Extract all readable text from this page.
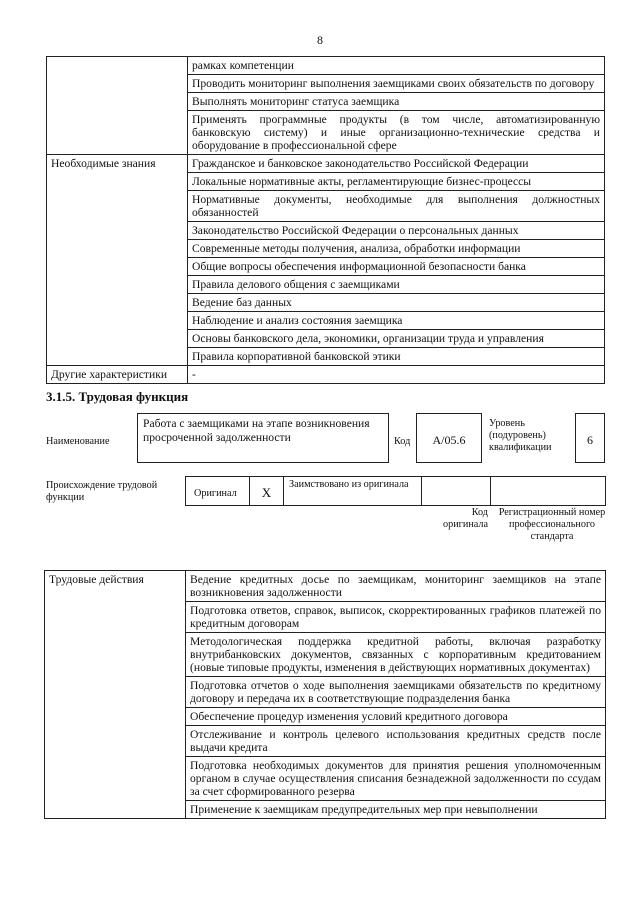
8
	рамках компетенции
	Проводить мониторинг выполнения заемщиками своих обязательств по договору
	Выполнять мониторинг статуса заемщика
	Применять программные продукты (в том числе, автоматизированную банковскую систему) и иные организационно-технические средства и оборудование в профессиональной сфере
Необходимые знания	Гражданское и банковское законодательство Российской Федерации
	Локальные нормативные акты, регламентирующие бизнес-процессы
	Нормативные документы, необходимые для выполнения должностных обязанностей
	Законодательство Российской Федерации о персональных данных
	Современные методы получения, анализа, обработки информации
	Общие вопросы обеспечения информационной безопасности банка
	Правила делового общения с заемщиками
	Ведение баз данных
	Наблюдение и анализ состояния заемщика
	Основы банковского дела, экономики, организации труда и управления
	Правила корпоративной банковской этики
Другие характеристики	-
3.1.5. Трудовая функция
Наименование
Работа с заемщиками на этапе возникновения просроченной задолженности	Код	А/05.6
Уровень (подуровень) квалификации
6
Происхождение трудовой функции	Оригинал	Х
Заимствовано из оригинала
Код оригинала
Регистрационный номер профессионального стандарта
Трудовые действия	Ведение кредитных досье по заемщикам, мониторинг заемщиков на этапе возникновения задолженности
Подготовка ответов, справок, выписок, скорректированных графиков платежей по кредитным договорам
Методологическая поддержка кредитной работы, включая разработку внутрибанковских документов, связанных с корпоративным кредитованием (новые типовые продукты, изменения в действующих нормативных документах)
Подготовка отчетов о ходе выполнения заемщиками обязательств по кредитному договору и передача их в соответствующие подразделения банка
Обеспечение процедур изменения условий кредитного договора
Отслеживание и контроль целевого использования кредитных средств после выдачи кредита
Подготовка необходимых документов для принятия решения уполномоченным органом в случае осуществления списания безнадежной задолженности по ссудам за счет сформированного резерва
Применение к заемщикам предупредительных мер при невыполнении
